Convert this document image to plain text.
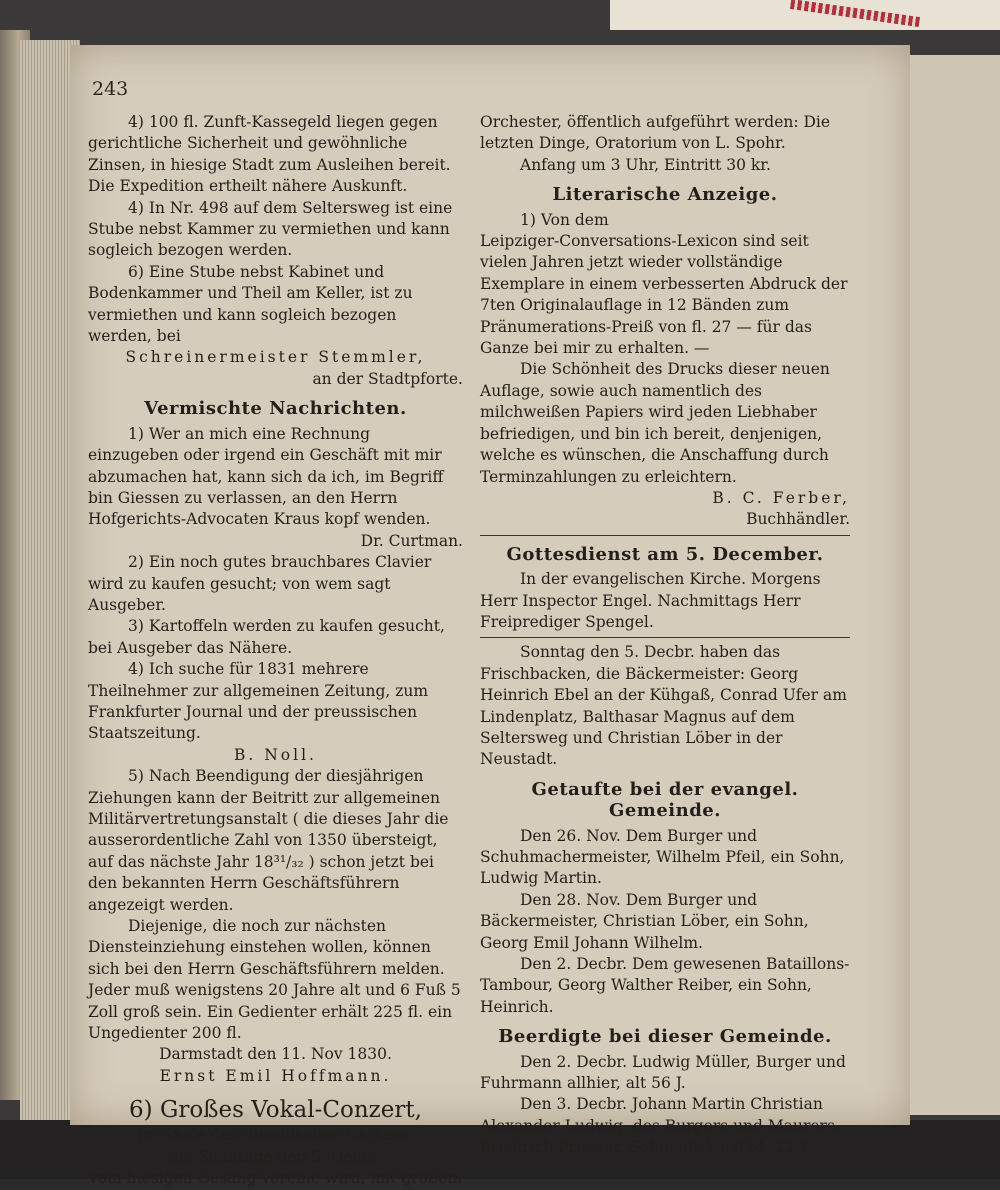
243

4) 100 fl. Zunft-Kassegeld liegen gegen gerichtliche Sicherheit und gewöhnliche Zinsen, in hiesige Stadt zum Ausleihen bereit. Die Expedition ertheilt nähere Auskunft.

4) In Nr. 498 auf dem Seltersweg ist eine Stube nebst Kammer zu vermiethen und kann sogleich bezogen werden.

6) Eine Stube nebst Kabinet und Bodenkammer und Theil am Keller, ist zu vermiethen und kann sogleich bezogen werden, bei

Schreinermeister Stemmler,

an der Stadtpforte.

Vermischte Nachrichten.

1) Wer an mich eine Rechnung einzugeben oder irgend ein Geschäft mit mir abzumachen hat, kann sich da ich, im Begriff bin Giessen zu verlassen, an den Herrn Hofgerichts-Advocaten Kraus kopf wenden.

Dr. Curtman.

2) Ein noch gutes brauchbares Clavier wird zu kaufen gesucht; von wem sagt Ausgeber.

3) Kartoffeln werden zu kaufen gesucht, bei Ausgeber das Nähere.

4) Ich suche für 1831 mehrere Theilnehmer zur allgemeinen Zeitung, zum Frankfurter Journal und der preussischen Staatszeitung.

B. Noll.

5) Nach Beendigung der diesjährigen Ziehungen kann der Beitritt zur allgemeinen Militärvertretungsanstalt ( die dieses Jahr die ausserordentliche Zahl von 1350 übersteigt, auf das nächste Jahr 18³¹/₃₂ ) schon jetzt bei den bekannten Herrn Geschäftsführern angezeigt werden.

Diejenige, die noch zur nächsten Diensteinziehung einstehen wollen, können sich bei den Herrn Geschäftsführern melden. Jeder muß wenigstens 20 Jahre alt und 6 Fuß 5 Zoll groß sein. Ein Gedienter erhält 225 fl. ein Ungedienter 200 fl.

Darmstadt den 11. Nov 1830.

Ernst Emil Hoffmann.

6) Großes Vokal-Conzert,

im Saale des Buschischen Gartens,

am Sonntage den 5. Decbr.

vom hiesigen Gesang-Vereine wird, mit großem

Orchester, öffentlich aufgeführt werden: Die letzten Dinge, Oratorium von L. Spohr.

Anfang um 3 Uhr, Eintritt 30 kr.

Literarische Anzeige.

1) Von dem

Leipziger-Conversations-Lexicon sind seit vielen Jahren jetzt wieder vollständige Exemplare in einem verbesserten Abdruck der 7ten Originalauflage in 12 Bänden zum Pränumerations-Preiß von fl. 27 — für das Ganze bei mir zu erhalten. —

Die Schönheit des Drucks dieser neuen Auflage, sowie auch namentlich des milchweißen Papiers wird jeden Liebhaber befriedigen, und bin ich bereit, denjenigen, welche es wünschen, die Anschaffung durch Terminzahlungen zu erleichtern.

B. C. Ferber,

Buchhändler.

Gottesdienst am 5. December.

In der evangelischen Kirche. Morgens Herr Inspector Engel. Nachmittags Herr Freiprediger Spengel.

Sonntag den 5. Decbr. haben das Frischbacken, die Bäckermeister: Georg Heinrich Ebel an der Kühgaß, Conrad Ufer am Lindenplatz, Balthasar Magnus auf dem Seltersweg und Christian Löber in der Neustadt.

Getaufte bei der evangel. Gemeinde.

Den 26. Nov. Dem Burger und Schuhmachermeister, Wilhelm Pfeil, ein Sohn, Ludwig Martin.

Den 28. Nov. Dem Burger und Bäckermeister, Christian Löber, ein Sohn, Georg Emil Johann Wilhelm.

Den 2. Decbr. Dem gewesenen Bataillons-Tambour, Georg Walther Reiber, ein Sohn, Heinrich.

Beerdigte bei dieser Gemeinde.

Den 2. Decbr. Ludwig Müller, Burger und Fuhrmann allhier, alt 56 J.

Den 3. Decbr. Johann Martin Christian Alexander Ludwig, des Burgers und Maurers, Friedrich Priester, Sohn, alt 1 J. 8 M. 22 T.
